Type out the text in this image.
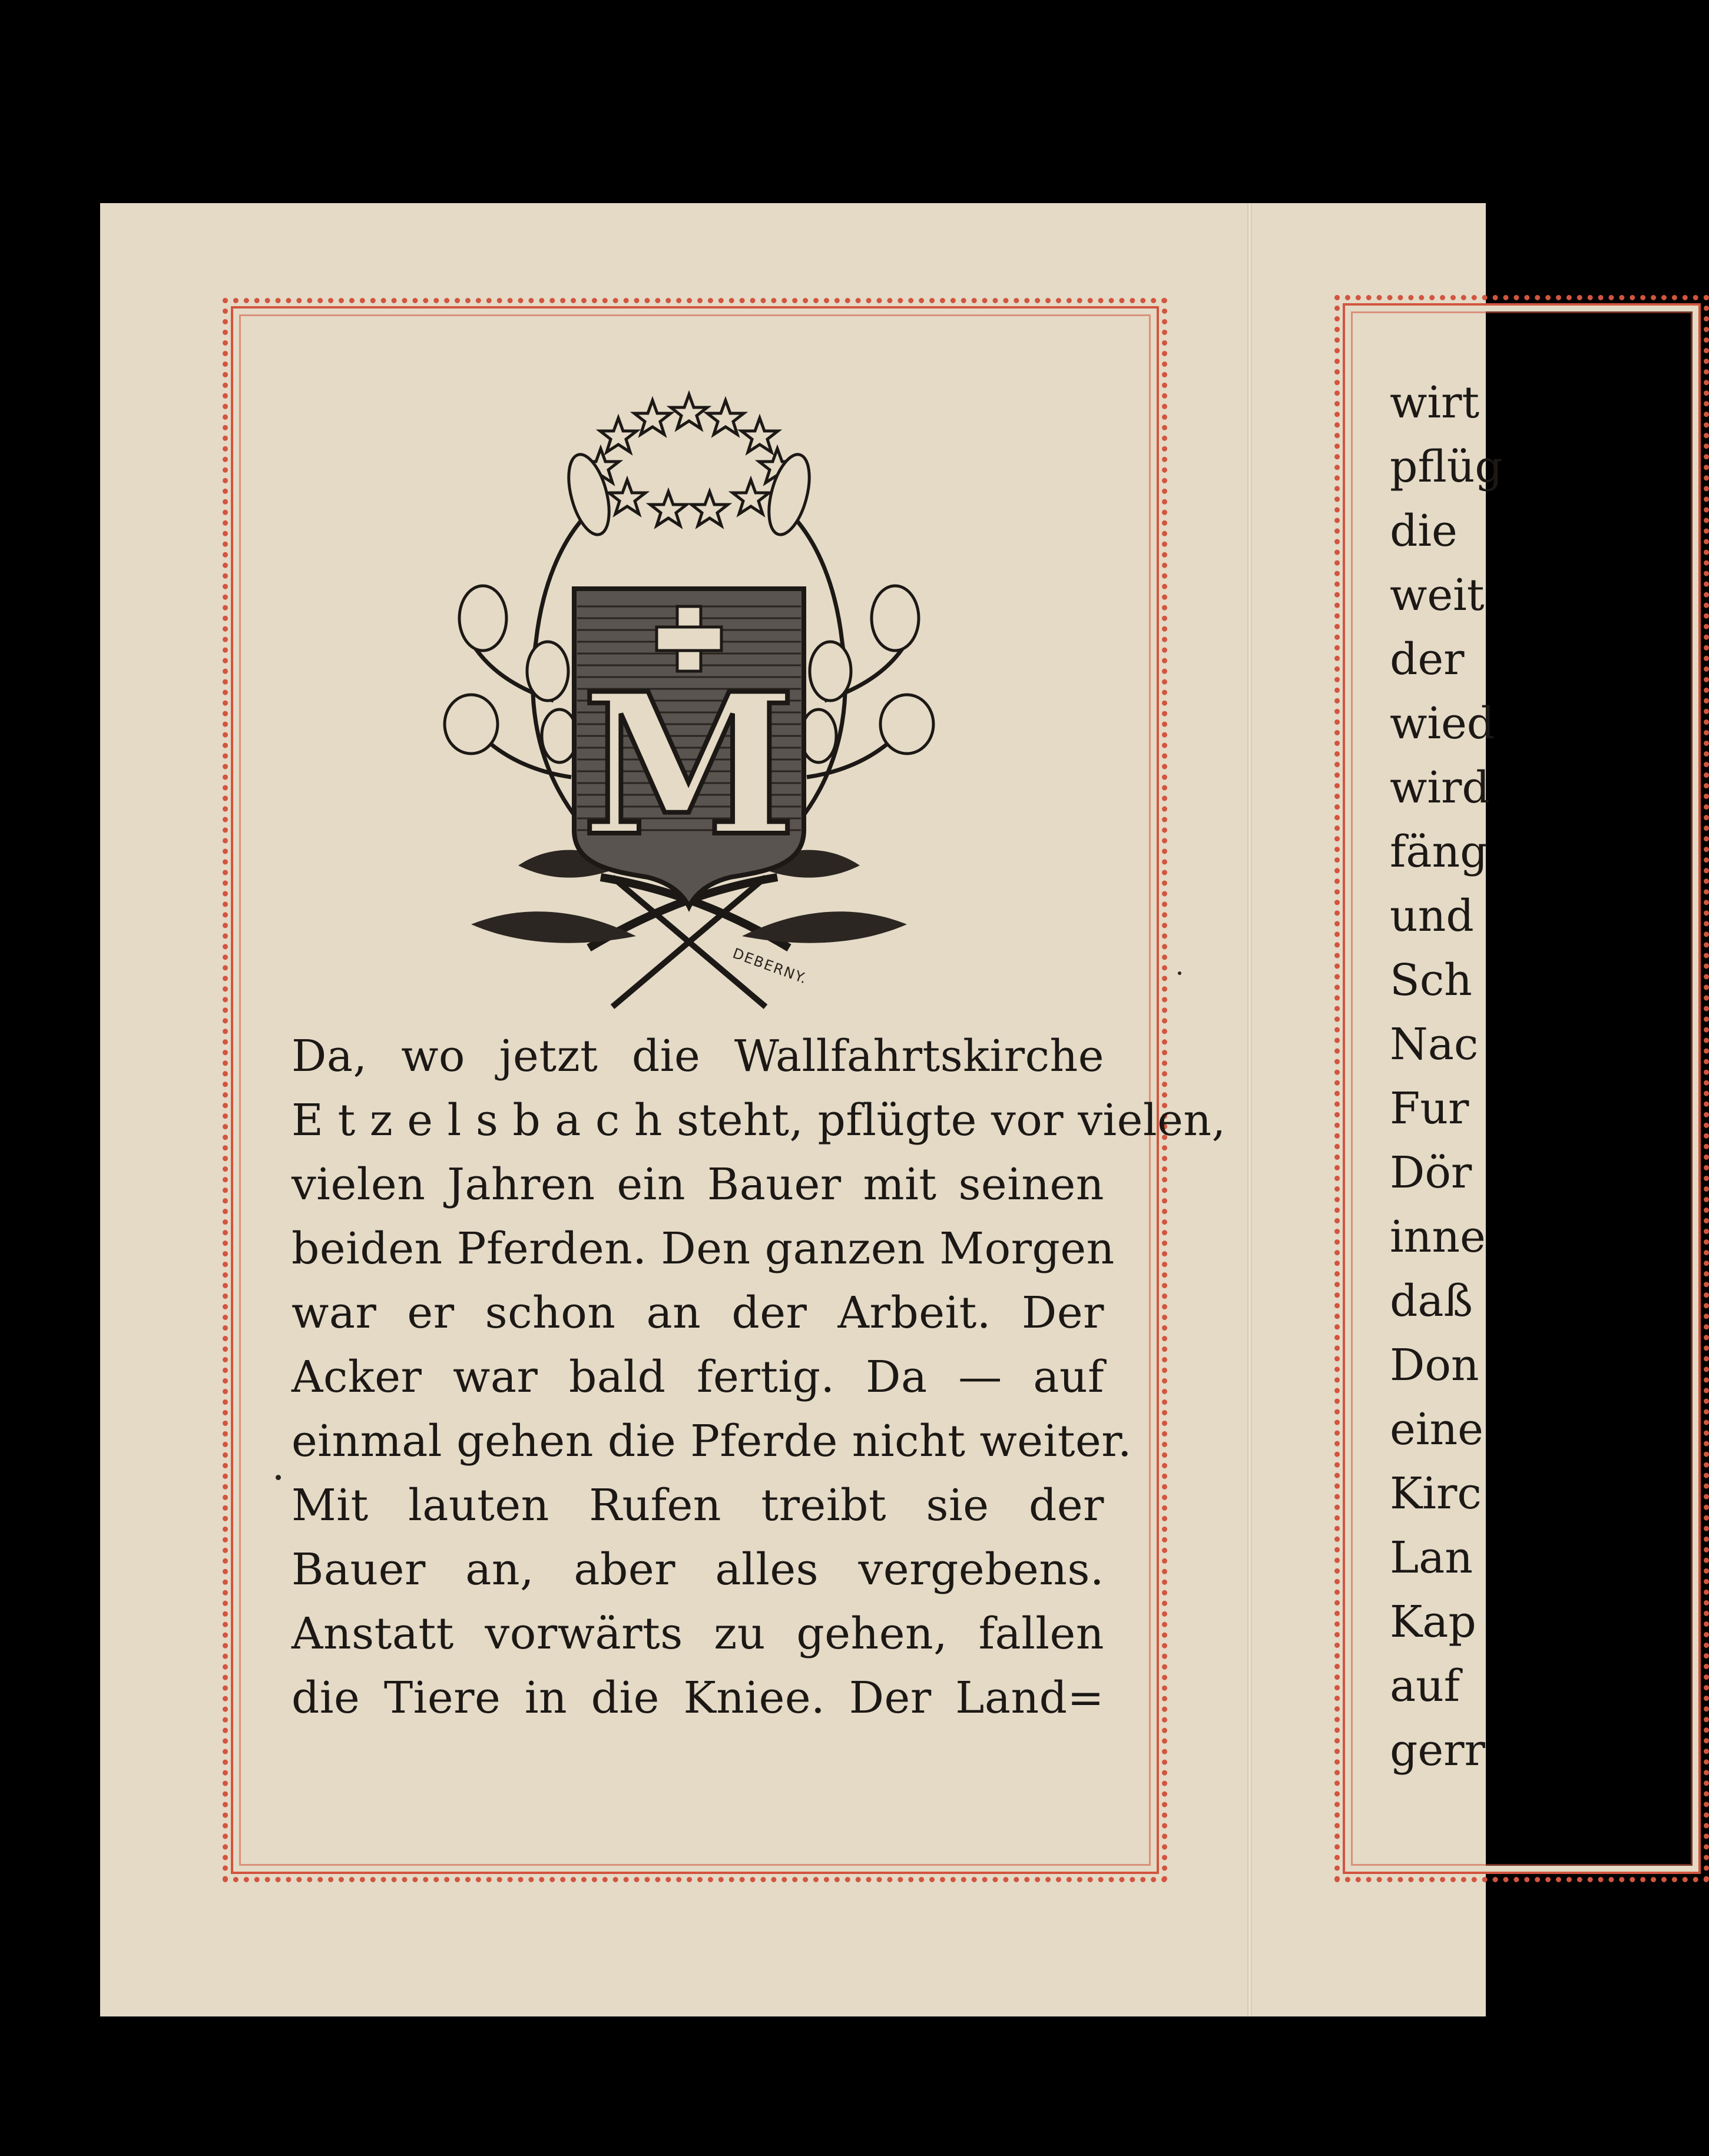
M
DEBERNY.
Da, wo jetzt die Wallfahrtskirche
E t z e l s b a c h steht, pflügte vor vielen,
vielen Jahren ein Bauer mit seinen
beiden Pferden. Den ganzen Morgen
war er schon an der Arbeit. Der
Acker war bald fertig. Da — auf
einmal gehen die Pferde nicht weiter.
Mit lauten Rufen treibt sie der
Bauer an, aber alles vergebens.
Anstatt vorwärts zu gehen, fallen
die Tiere in die Kniee. Der Land=
wirt
pflüg
die
weit
der
wied
wird
fäng
und
Sch
Nac
Fur
Dör
inne
daß
Don
eine
Kirc
Lan
Kap
auf
gerr
